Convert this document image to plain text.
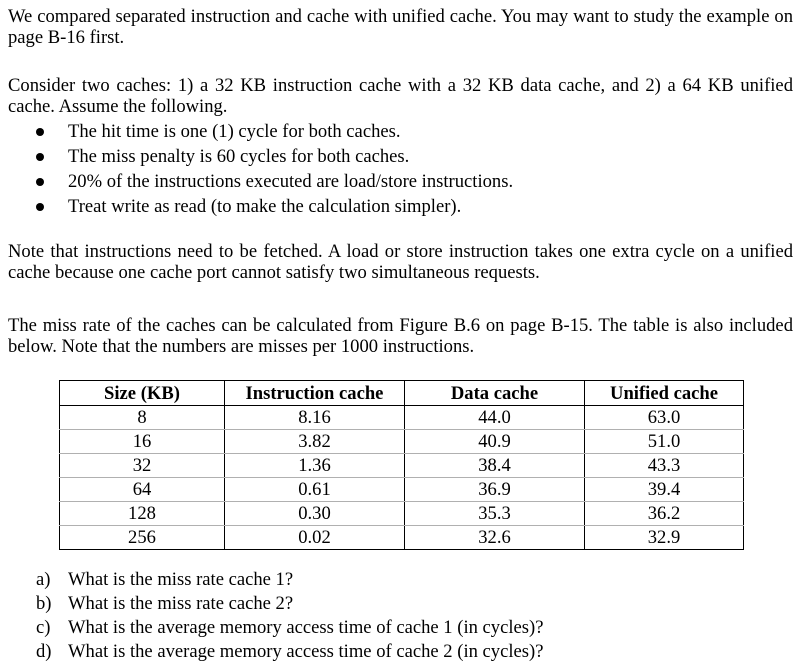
We compared separated instruction and cache with unified cache. You may want to study the example on page B-16 first.

Consider two caches: 1) a 32 KB instruction cache with a 32 KB data cache, and 2) a 64 KB unified cache. Assume the following.

The hit time is one (1) cycle for both caches.
The miss penalty is 60 cycles for both caches.
20% of the instructions executed are load/store instructions.
Treat write as read (to make the calculation simpler).

Note that instructions need to be fetched. A load or store instruction takes one extra cycle on a unified cache because one cache port cannot satisfy two simultaneous requests.

The miss rate of the caches can be calculated from Figure B.6 on page B-15. The table is also included below. Note that the numbers are misses per 1000 instructions.

Size (KB)	Instruction cache	Data cache	Unified cache
8	8.16	44.0	63.0
16	3.82	40.9	51.0
32	1.36	38.4	43.3
64	0.61	36.9	39.4
128	0.30	35.3	36.2
256	0.02	32.6	32.9
a) What is the miss rate cache 1?
b) What is the miss rate cache 2?
c) What is the average memory access time of cache 1 (in cycles)?
d) What is the average memory access time of cache 2 (in cycles)?
